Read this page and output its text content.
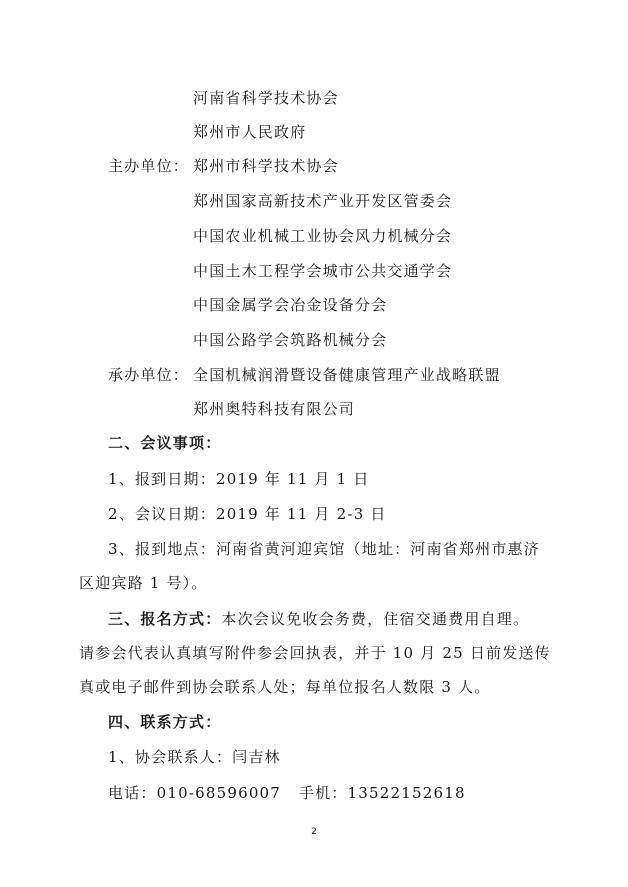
河南省科学技术协会
郑州市人民政府
主办单位： 郑州市科学技术协会
郑州国家高新技术产业开发区管委会
中国农业机械工业协会风力机械分会
中国土木工程学会城市公共交通学会
中国金属学会冶金设备分会
中国公路学会筑路机械分会
承办单位： 全国机械润滑暨设备健康管理产业战略联盟
郑州奥特科技有限公司
二、会议事项：
1、报到日期：2019 年 11 月 1 日
2、会议日期：2019 年 11 月 2-3 日
3、报到地点：河南省黄河迎宾馆（地址：河南省郑州市惠济
区迎宾路 1 号）。
三、报名方式：本次会议免收会务费，住宿交通费用自理。
请参会代表认真填写附件参会回执表，并于 10 月 25 日前发送传
真或电子邮件到协会联系人处；每单位报名人数限 3 人。
四、联系方式：
1、协会联系人：闫吉林
电话：010-68596007   手机：13522152618
2
